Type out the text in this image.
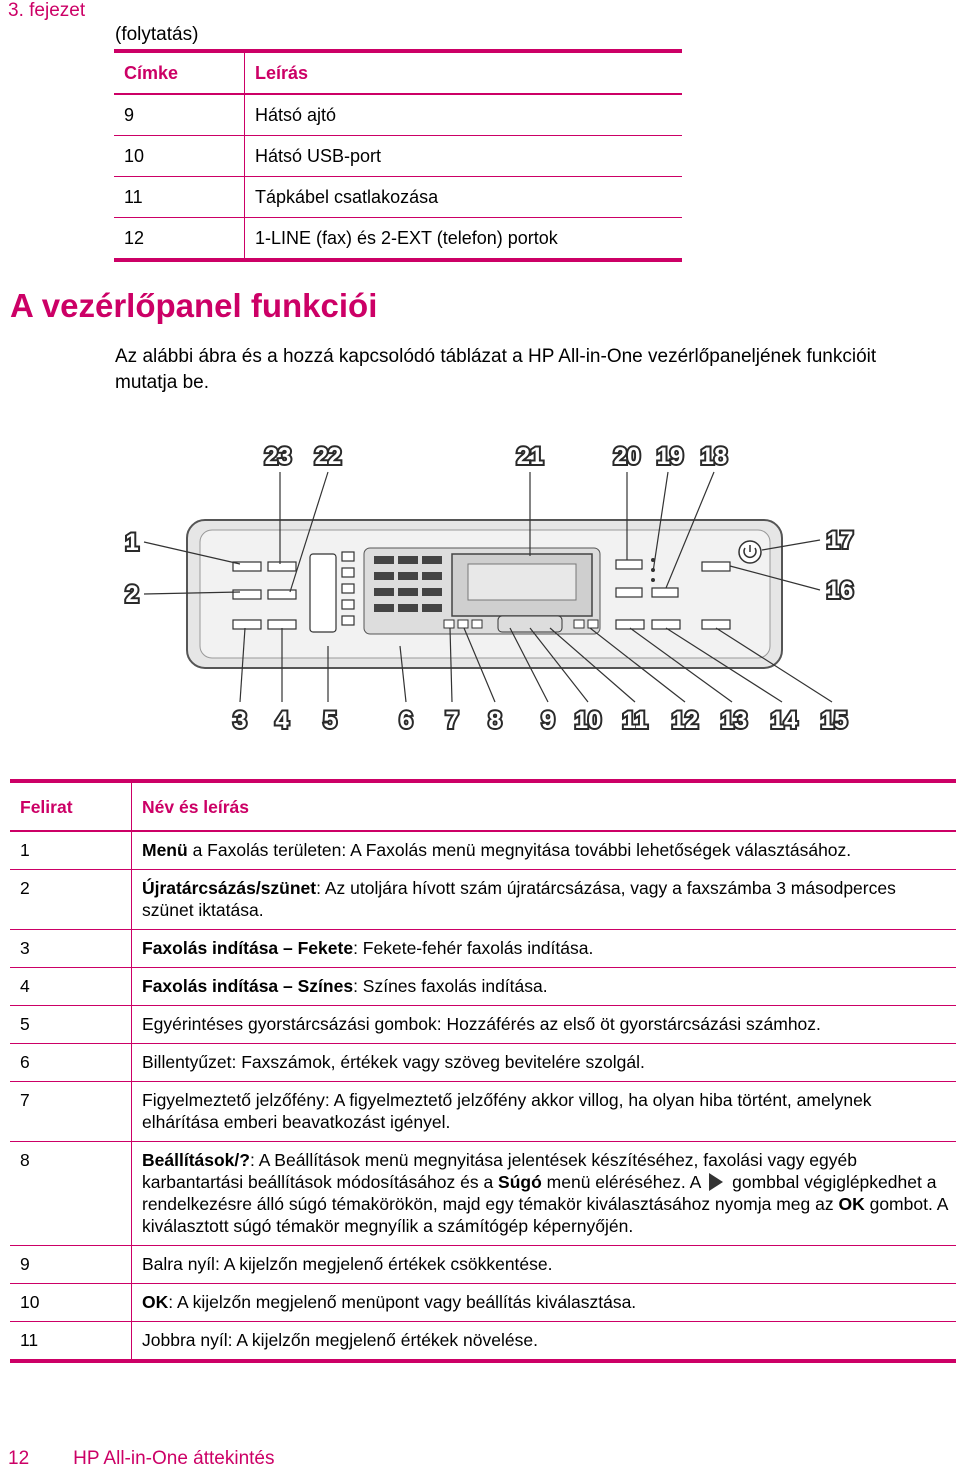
3. fejezet
(folytatás)
Címke	Leírás
9	Hátsó ajtó
10	Hátsó USB-port
11	Tápkábel csatlakozása
12	1-LINE (fax) és 2-EXT (telefon) portok
A vezérlőpanel funkciói

Az alábbi ábra és a hozzá kapcsolódó táblázat a HP All-in-One vezérlőpaneljének funkcióit mutatja be.

23 22	21	20 19 18
1
2
17
16
3 4 5	6 7 8 9 10 11 12 13 14 15
Felirat	Név és leírás
1	Menü a Faxolás területen: A Faxolás menü megnyitása további lehetőségek választásához.
2	Újratárcsázás/szünet: Az utoljára hívott szám újratárcsázása, vagy a faxszámba 3 másodperces szünet iktatása.
3	Faxolás indítása – Fekete: Fekete-fehér faxolás indítása.
4	Faxolás indítása – Színes: Színes faxolás indítása.
5	Egyérintéses gyorstárcsázási gombok: Hozzáférés az első öt gyorstárcsázási számhoz.
6	Billentyűzet: Faxszámok, értékek vagy szöveg bevitelére szolgál.
7	Figyelmeztető jelzőfény: A figyelmeztető jelzőfény akkor villog, ha olyan hiba történt, amelynek elhárítása emberi beavatkozást igényel.
8	Beállítások/?: A Beállítások menü megnyitása jelentések készítéséhez, faxolási vagy egyéb karbantartási beállítások módosításához és a Súgó menü eléréséhez. A  gombbal végiglépkedhet a rendelkezésre álló súgó témakörökön, majd egy témakör kiválasztásához nyomja meg az OK gombot. A kiválasztott súgó témakör megnyílik a számítógép képernyőjén.
9	Balra nyíl: A kijelzőn megjelenő értékek csökkentése.
10	OK: A kijelzőn megjelenő menüpont vagy beállítás kiválasztása.
11	Jobbra nyíl: A kijelzőn megjelenő értékek növelése.
12 HP All-in-One áttekintés
